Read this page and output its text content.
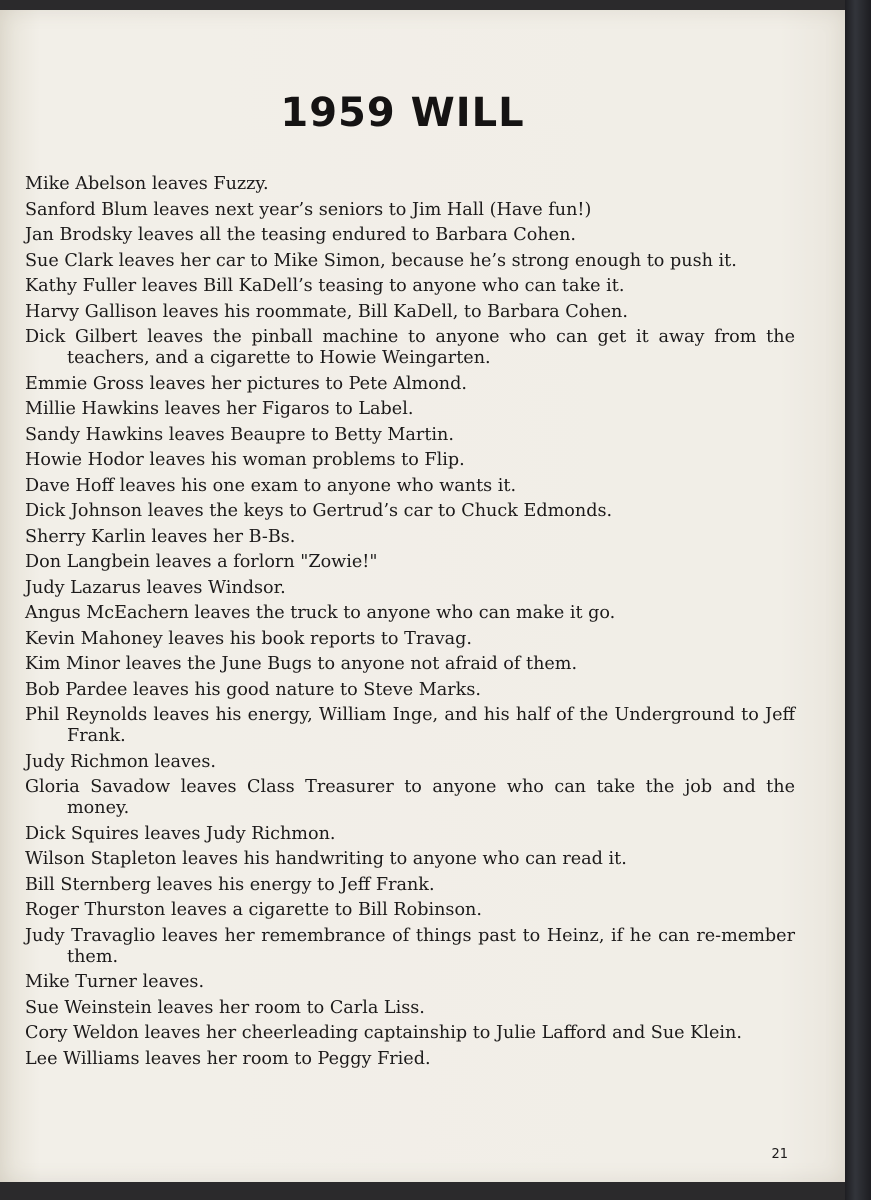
1959 WILL
Mike Abelson leaves Fuzzy.
Sanford Blum leaves next year’s seniors to Jim Hall (Have fun!)
Jan Brodsky leaves all the teasing endured to Barbara Cohen.
Sue Clark leaves her car to Mike Simon, because he’s strong enough to push it.
Kathy Fuller leaves Bill KaDell’s teasing to anyone who can take it.
Harvy Gallison leaves his roommate, Bill KaDell, to Barbara Cohen.
Dick Gilbert leaves the pinball machine to anyone who can get it away from the teachers, and a cigarette to Howie Weingarten.
Emmie Gross leaves her pictures to Pete Almond.
Millie Hawkins leaves her Figaros to Label.
Sandy Hawkins leaves Beaupre to Betty Martin.
Howie Hodor leaves his woman problems to Flip.
Dave Hoff leaves his one exam to anyone who wants it.
Dick Johnson leaves the keys to Gertrud’s car to Chuck Edmonds.
Sherry Karlin leaves her B-Bs.
Don Langbein leaves a forlorn "Zowie!"
Judy Lazarus leaves Windsor.
Angus McEachern leaves the truck to anyone who can make it go.
Kevin Mahoney leaves his book reports to Travag.
Kim Minor leaves the June Bugs to anyone not afraid of them.
Bob Pardee leaves his good nature to Steve Marks.
Phil Reynolds leaves his energy, William Inge, and his half of the Underground to Jeff Frank.
Judy Richmon leaves.
Gloria Savadow leaves Class Treasurer to anyone who can take the job and the money.
Dick Squires leaves Judy Richmon.
Wilson Stapleton leaves his handwriting to anyone who can read it.
Bill Sternberg leaves his energy to Jeff Frank.
Roger Thurston leaves a cigarette to Bill Robinson.
Judy Travaglio leaves her remembrance of things past to Heinz, if he can re-member them.
Mike Turner leaves.
Sue Weinstein leaves her room to Carla Liss.
Cory Weldon leaves her cheerleading captainship to Julie Lafford and Sue Klein.
Lee Williams leaves her room to Peggy Fried.
21
